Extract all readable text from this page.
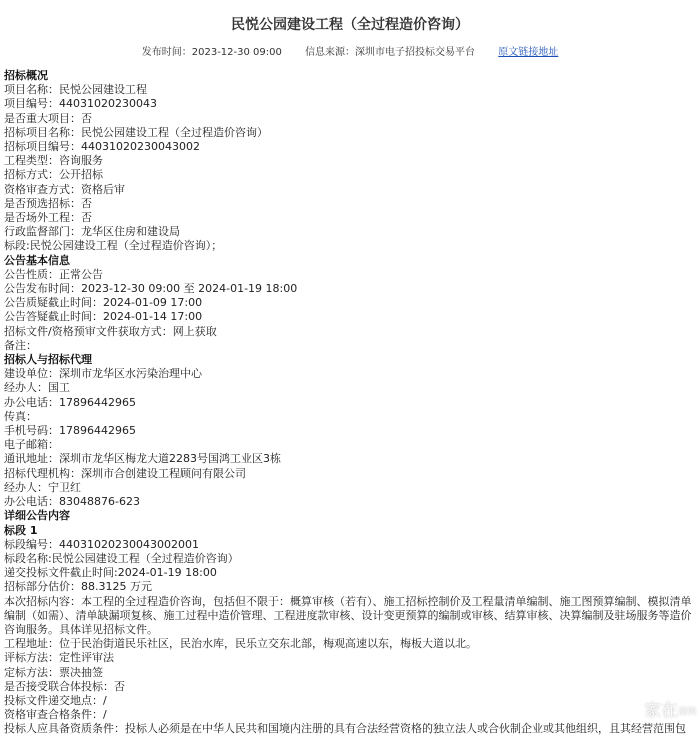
民悦公园建设工程（全过程造价咨询）
发布时间：2023-12-30 09:00 信息来源：深圳市电子招投标交易平台 原文链接地址
招标概况
项目名称：民悦公园建设工程
项目编号：44031020230043
是否重大项目：否
招标项目名称：民悦公园建设工程（全过程造价咨询）
招标项目编号：44031020230043002
工程类型：咨询服务
招标方式：公开招标
资格审查方式：资格后审
是否预选招标：否
是否场外工程：否
行政监督部门：龙华区住房和建设局
标段:民悦公园建设工程（全过程造价咨询）；
公告基本信息
公告性质：正常公告
公告发布时间：2023-12-30 09:00 至 2024-01-19 18:00
公告质疑截止时间：2024-01-09 17:00
公告答疑截止时间：2024-01-14 17:00
招标文件/资格预审文件获取方式：网上获取
备注：
招标人与招标代理
建设单位：深圳市龙华区水污染治理中心
经办人：国工
办公电话：17896442965
传真：
手机号码：17896442965
电子邮箱：
通讯地址：深圳市龙华区梅龙大道2283号国鸿工业区3栋
招标代理机构：深圳市合创建设工程顾问有限公司
经办人：宁卫红
办公电话：83048876-623
详细公告内容
标段 1
标段编号：44031020230043002001
标段名称:民悦公园建设工程（全过程造价咨询）
递交投标文件截止时间:2024-01-19 18:00
招标部分估价：88.3125 万元
本次招标内容：本工程的全过程造价咨询，包括但不限于：概算审核（若有）、施工招标控制价及工程量清单编制、施工图预算编制、模拟清单编制（如需）、清单缺漏项复核、施工过程中造价管理、工程进度款审核、设计变更预算的编制或审核、结算审核、决算编制及驻场服务等造价咨询服务。具体详见招标文件。
工程地址：位于民治街道民乐社区，民治水库，民乐立交东北部，梅观高速以东，梅板大道以北。
评标方法：定性评审法
定标方法：票决抽签
是否接受联合体投标：否
投标文件递交地点：/
资格审查合格条件：/
投标人应具备资质条件：投标人必须是在中华人民共和国境内注册的具有合法经营资格的独立法人或合伙制企业或其他组织，且其经营范围包
家在深圳
